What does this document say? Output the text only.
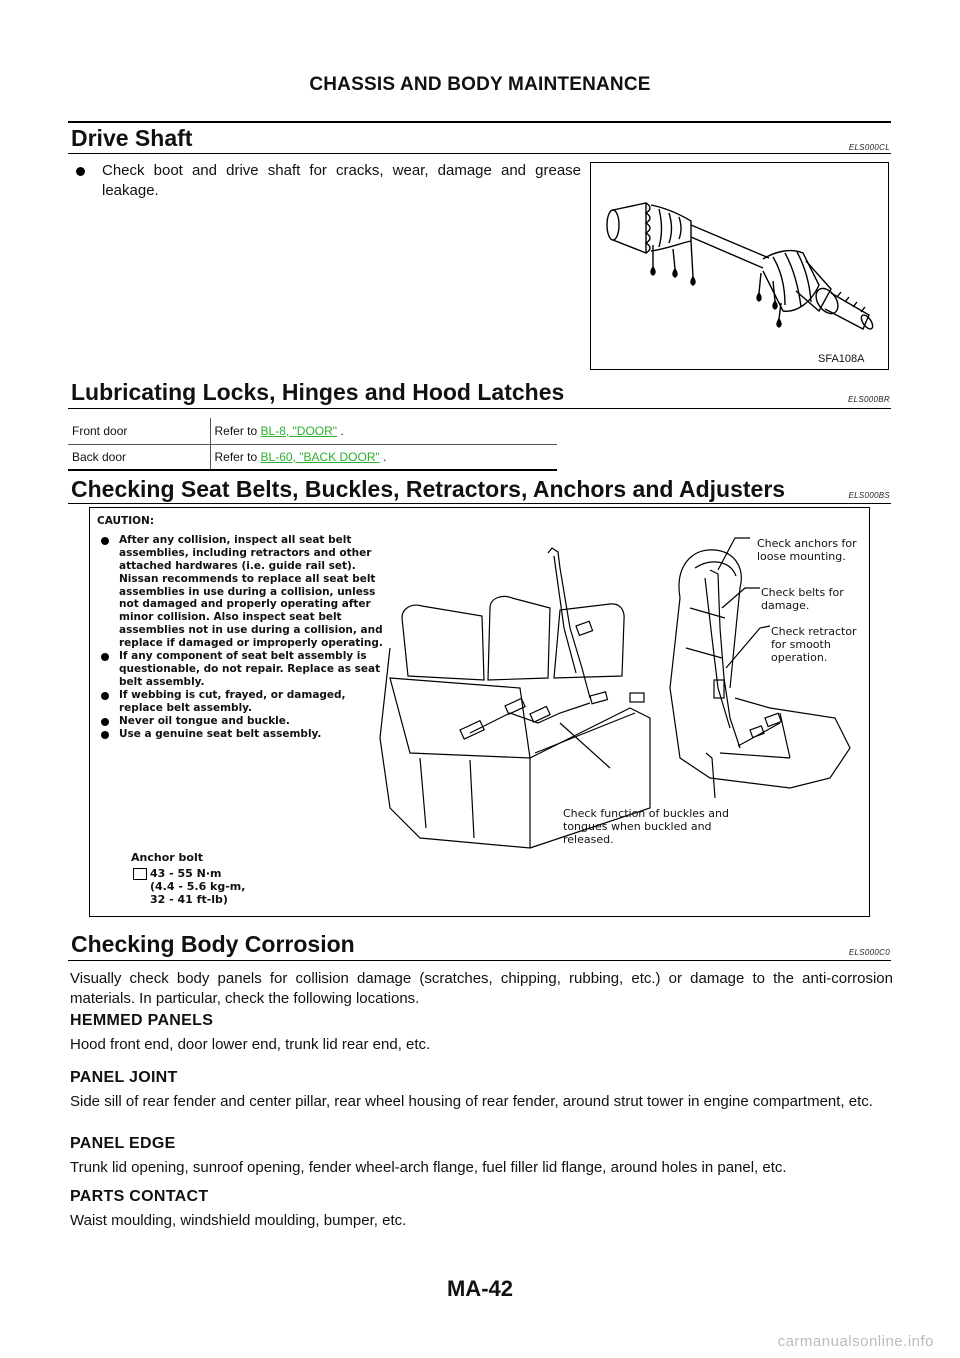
CHASSIS AND BODY MAINTENANCE
Drive Shaft	ELS000CL
Check boot and drive shaft for cracks, wear, damage and grease leakage.
SFA108A
Lubricating Locks, Hinges and Hood Latches	ELS000BR
Front door	Refer to BL-8, "DOOR" .
Back door	Refer to BL-60, "BACK DOOR" .
Checking Seat Belts, Buckles, Retractors, Anchors and Adjusters	ELS000BS
CAUTION:
After any collision, inspect all seat belt assemblies, including retractors and other attached hardwares (i.e. guide rail set). Nissan recommends to replace all seat belt assemblies in use during a collision, unless not damaged and properly operating after minor collision. Also inspect seat belt assemblies not in use during a collision, and replace if damaged or improperly operating.
If any component of seat belt assembly is questionable, do not repair. Replace as seat belt assembly.
If webbing is cut, frayed, or damaged, replace belt assembly.
Never oil tongue and buckle.
Use a genuine seat belt assembly.
Check anchors for loose mounting.
Check belts for damage.
Check retractor for smooth operation.
Check function of buckles and tongues when buckled and released.
Anchor bolt
43 - 55 N·m
(4.4 - 5.6 kg-m,
32 - 41 ft-lb)
Checking Body Corrosion	ELS000C0
Visually check body panels for collision damage (scratches, chipping, rubbing, etc.) or damage to the anti-corrosion materials. In particular, check the following locations.
HEMMED PANELS
Hood front end, door lower end, trunk lid rear end, etc.
PANEL JOINT
Side sill of rear fender and center pillar, rear wheel housing of rear fender, around strut tower in engine compartment, etc.
PANEL EDGE
Trunk lid opening, sunroof opening, fender wheel-arch flange, fuel filler lid flange, around holes in panel, etc.
PARTS CONTACT
Waist moulding, windshield moulding, bumper, etc.
MA-42
carmanualsonline.info
